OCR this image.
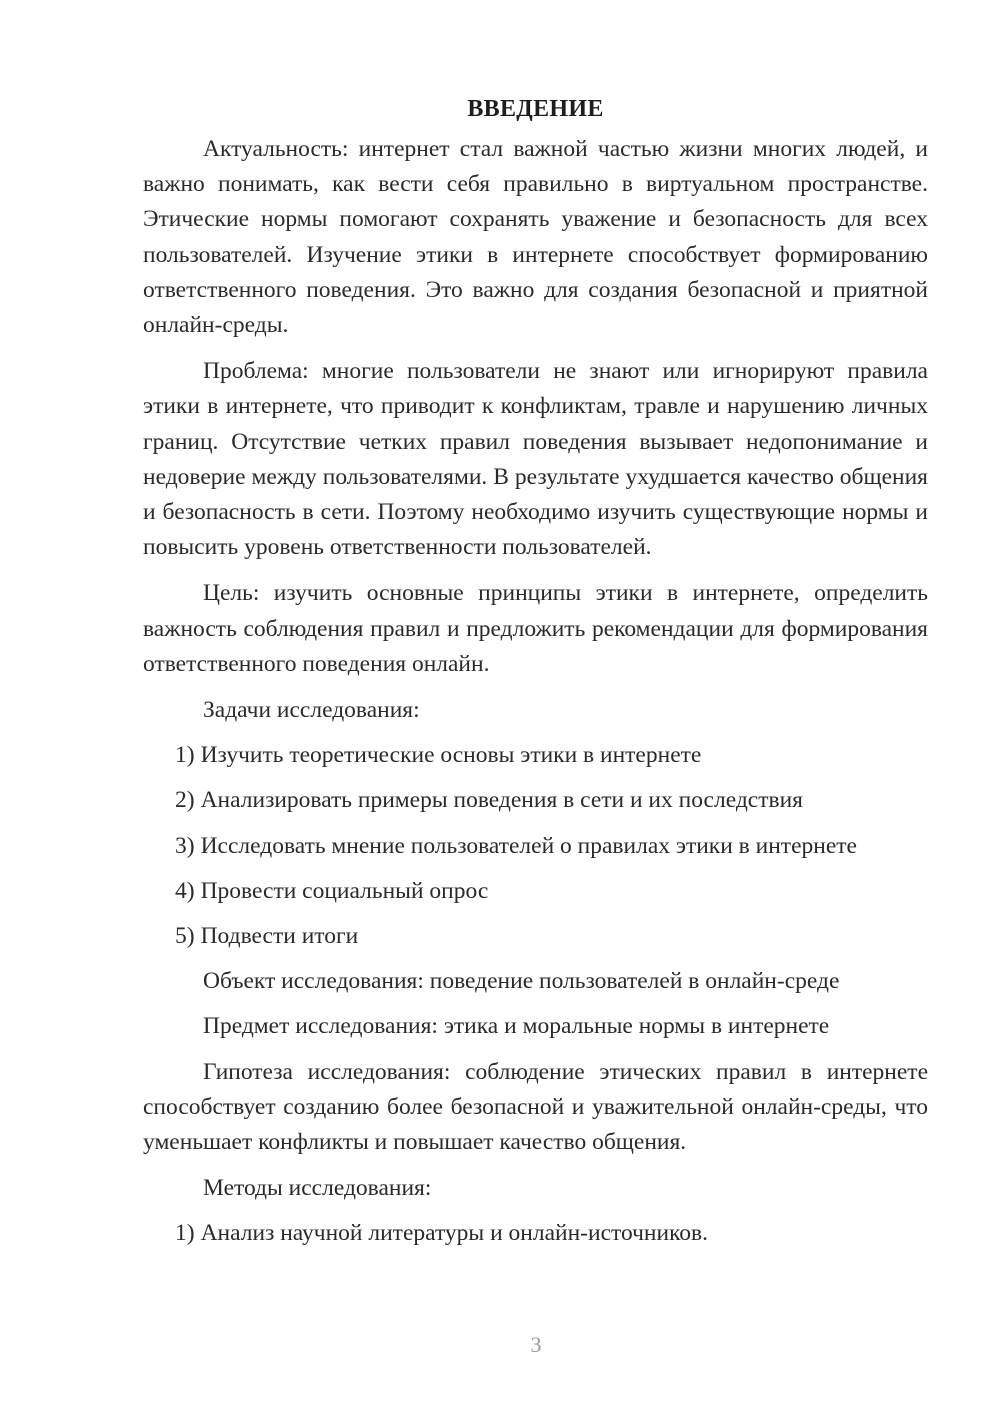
ВВЕДЕНИЕ

Актуальность: интернет стал важной частью жизни многих людей, и важно понимать, как вести себя правильно в виртуальном пространстве. Этические нормы помогают сохранять уважение и безопасность для всех пользователей. Изучение этики в интернете способствует формированию ответственного поведения. Это важно для создания безопасной и приятной онлайн-среды.

Проблема: многие пользователи не знают или игнорируют правила этики в интернете, что приводит к конфликтам, травле и нарушению личных границ. Отсутствие четких правил поведения вызывает недопонимание и недоверие между пользователями. В результате ухудшается качество общения и безопасность в сети. Поэтому необходимо изучить существующие нормы и повысить уровень ответственности пользователей.

Цель: изучить основные принципы этики в интернете, определить важность соблюдения правил и предложить рекомендации для формирования ответственного поведения онлайн.

Задачи исследования:

1) Изучить теоретические основы этики в интернете
2) Анализировать примеры поведения в сети и их последствия
3) Исследовать мнение пользователей о правилах этики в интернете
4) Провести социальный опрос
5) Подвести итоги

Объект исследования: поведение пользователей в онлайн-среде

Предмет исследования: этика и моральные нормы в интернете

Гипотеза исследования: соблюдение этических правил в интернете способствует созданию более безопасной и уважительной онлайн-среды, что уменьшает конфликты и повышает качество общения.

Методы исследования:

1) Анализ научной литературы и онлайн-источников.
3
